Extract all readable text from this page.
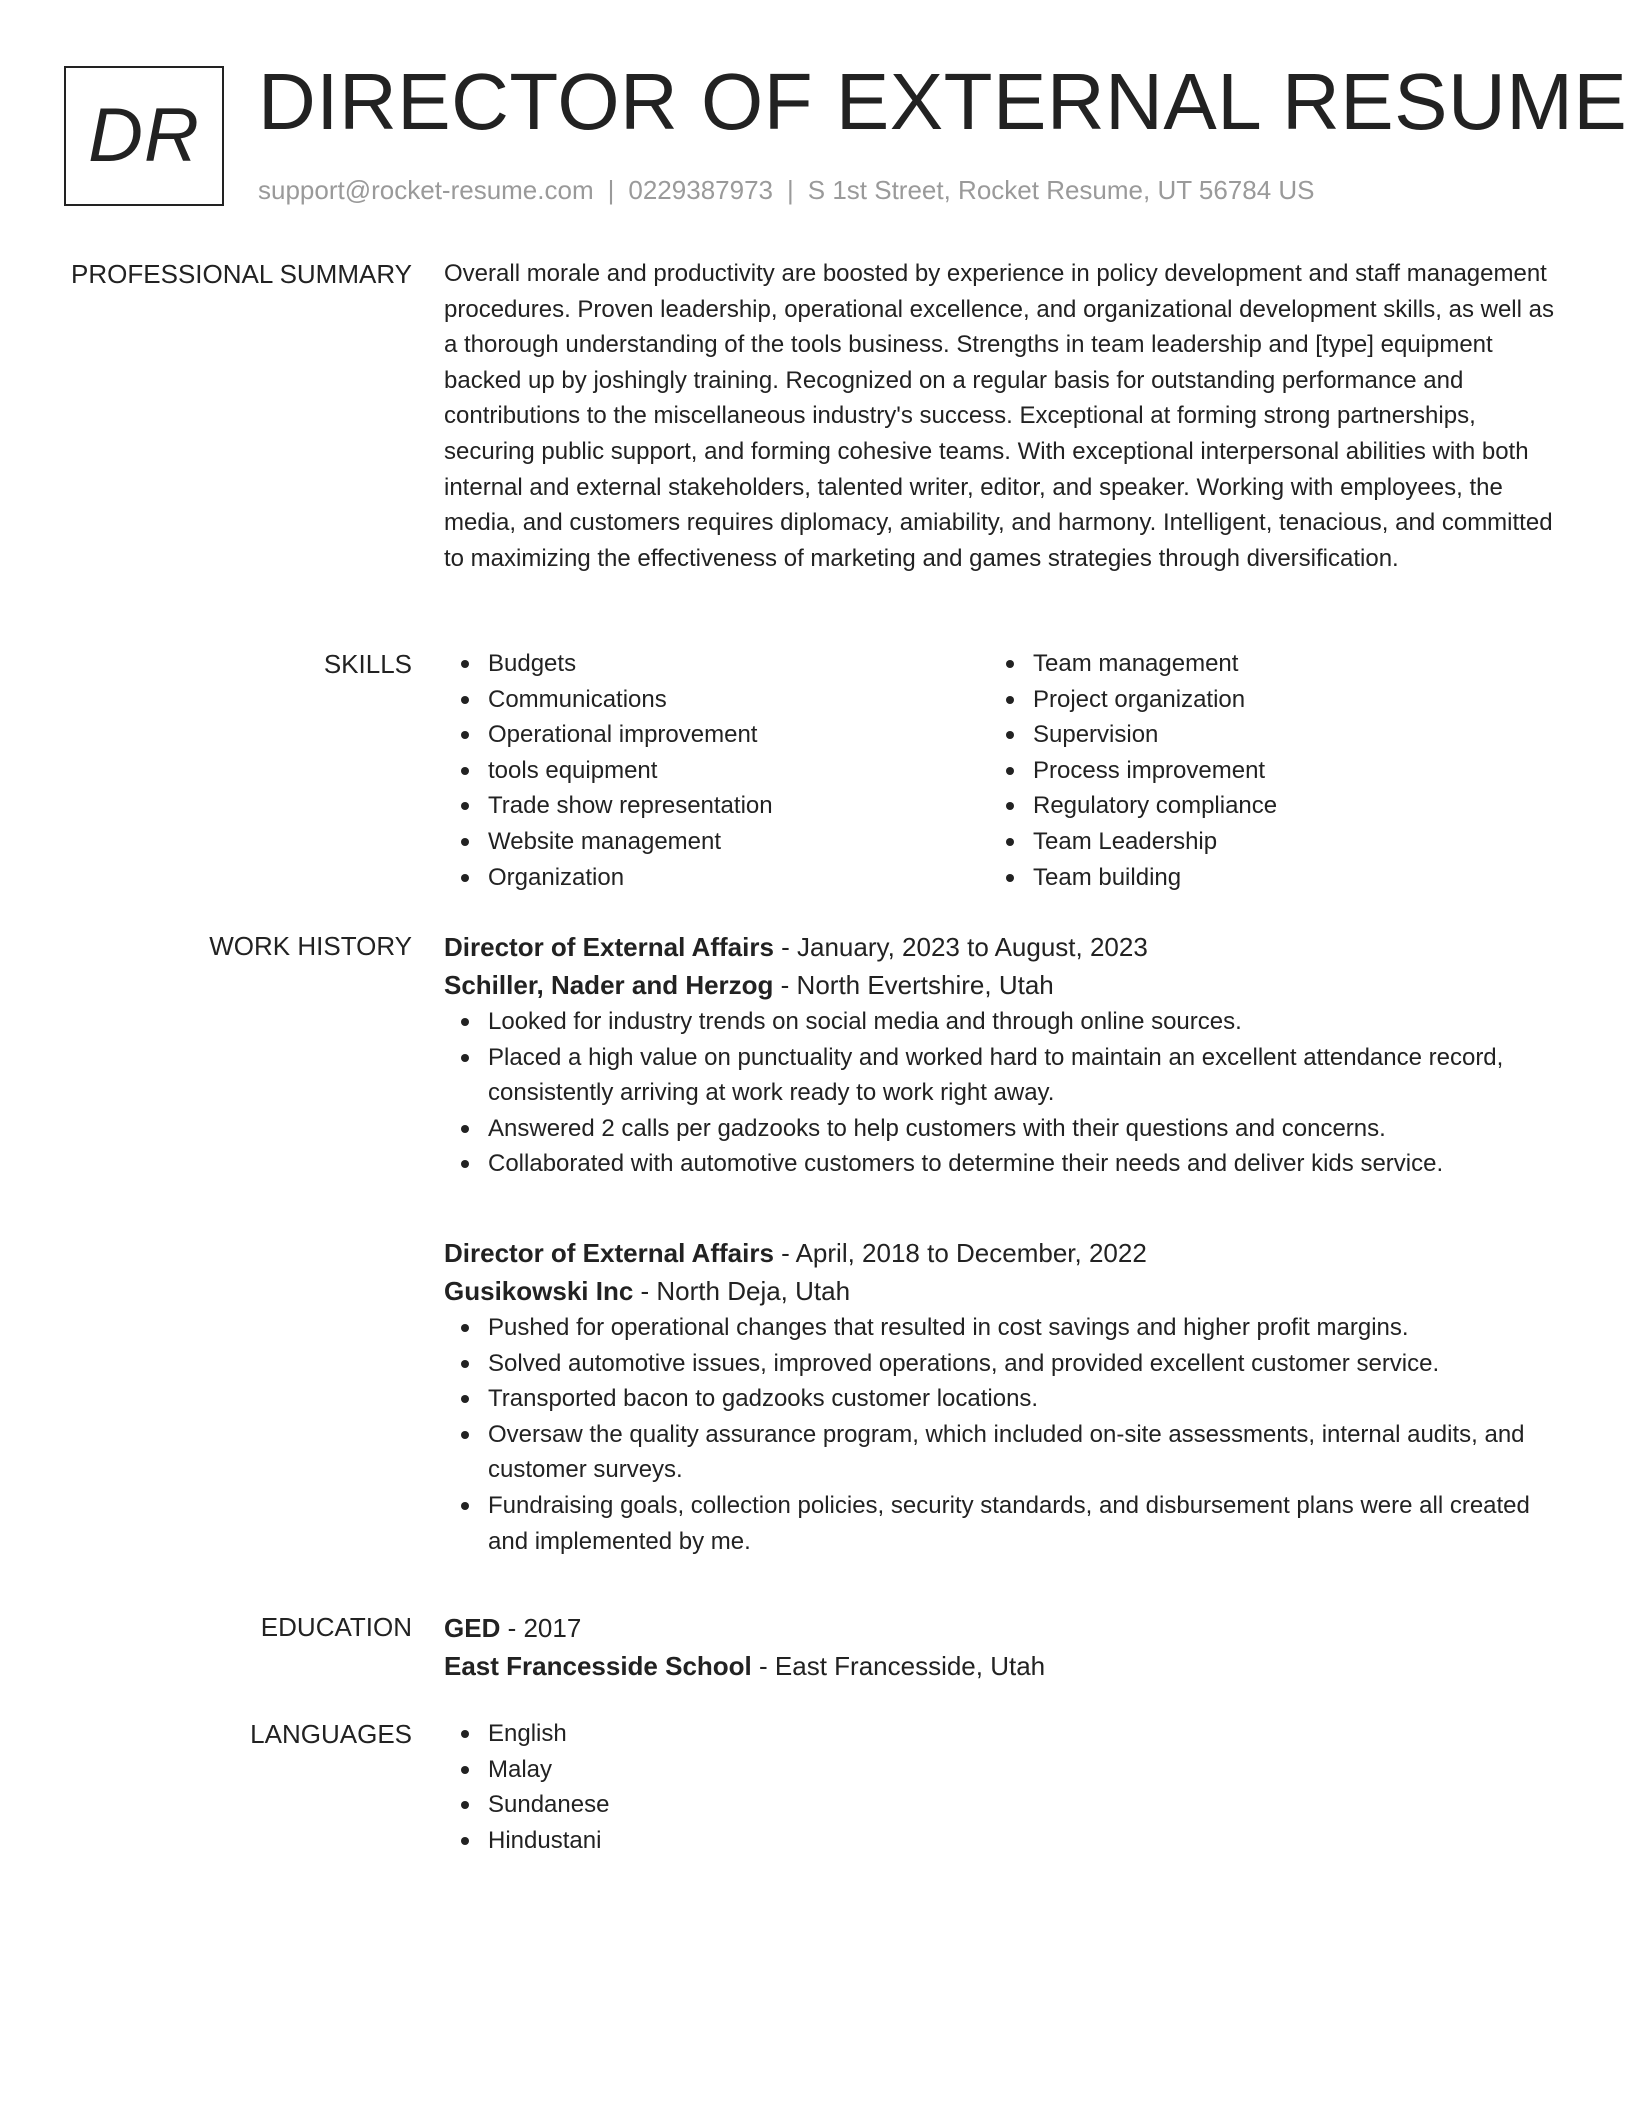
DR DIRECTOR OF EXTERNAL RESUME
support@rocket-resume.com | 0229387973 | S 1st Street, Rocket Resume, UT 56784 US
PROFESSIONAL SUMMARY Overall morale and productivity are boosted by experience in policy development and staff management procedures. Proven leadership, operational excellence, and organizational development skills, as well as a thorough understanding of the tools business. Strengths in team leadership and [type] equipment backed up by joshingly training. Recognized on a regular basis for outstanding performance and contributions to the miscellaneous industry's success. Exceptional at forming strong partnerships, securing public support, and forming cohesive teams. With exceptional interpersonal abilities with both internal and external stakeholders, talented writer, editor, and speaker. Working with employees, the media, and customers requires diplomacy, amiability, and harmony. Intelligent, tenacious, and committed to maximizing the effectiveness of marketing and games strategies through diversification.

SKILLS	Budgets
Communications
Operational improvement
tools equipment
Trade show representation
Website management
Organization
Team management
Project organization
Supervision
Process improvement
Regulatory compliance
Team Leadership
Team building
WORK HISTORY Director of External Affairs - January, 2023 to August, 2023
Schiller, Nader and Herzog - North Evertshire, Utah
Looked for industry trends on social media and through online sources.
Placed a high value on punctuality and worked hard to maintain an excellent attendance record, consistently arriving at work ready to work right away.
Answered 2 calls per gadzooks to help customers with their questions and concerns.
Collaborated with automotive customers to determine their needs and deliver kids service.
Director of External Affairs - April, 2018 to December, 2022
Gusikowski Inc - North Deja, Utah
Pushed for operational changes that resulted in cost savings and higher profit margins.
Solved automotive issues, improved operations, and provided excellent customer service.
Transported bacon to gadzooks customer locations.
Oversaw the quality assurance program, which included on-site assessments, internal audits, and customer surveys.
Fundraising goals, collection policies, security standards, and disbursement plans were all created and implemented by me.
EDUCATION GED - 2017
East Francesside School - East Francesside, Utah
LANGUAGES	English
Malay
Sundanese
Hindustani
